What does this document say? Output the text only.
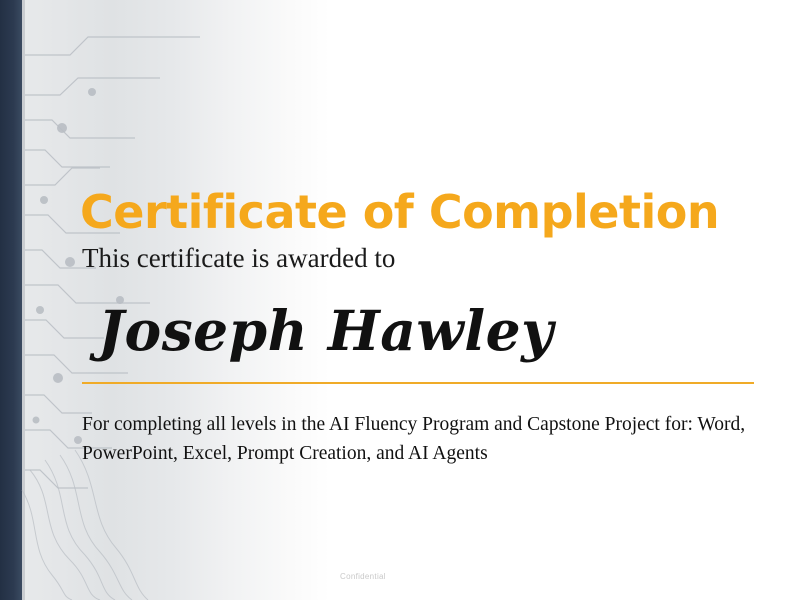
Certificate of Completion
This certificate is awarded to
Joseph Hawley
For completing all levels in the AI Fluency Program and Capstone Project for: Word, PowerPoint, Excel, Prompt Creation, and AI Agents
Confidential
